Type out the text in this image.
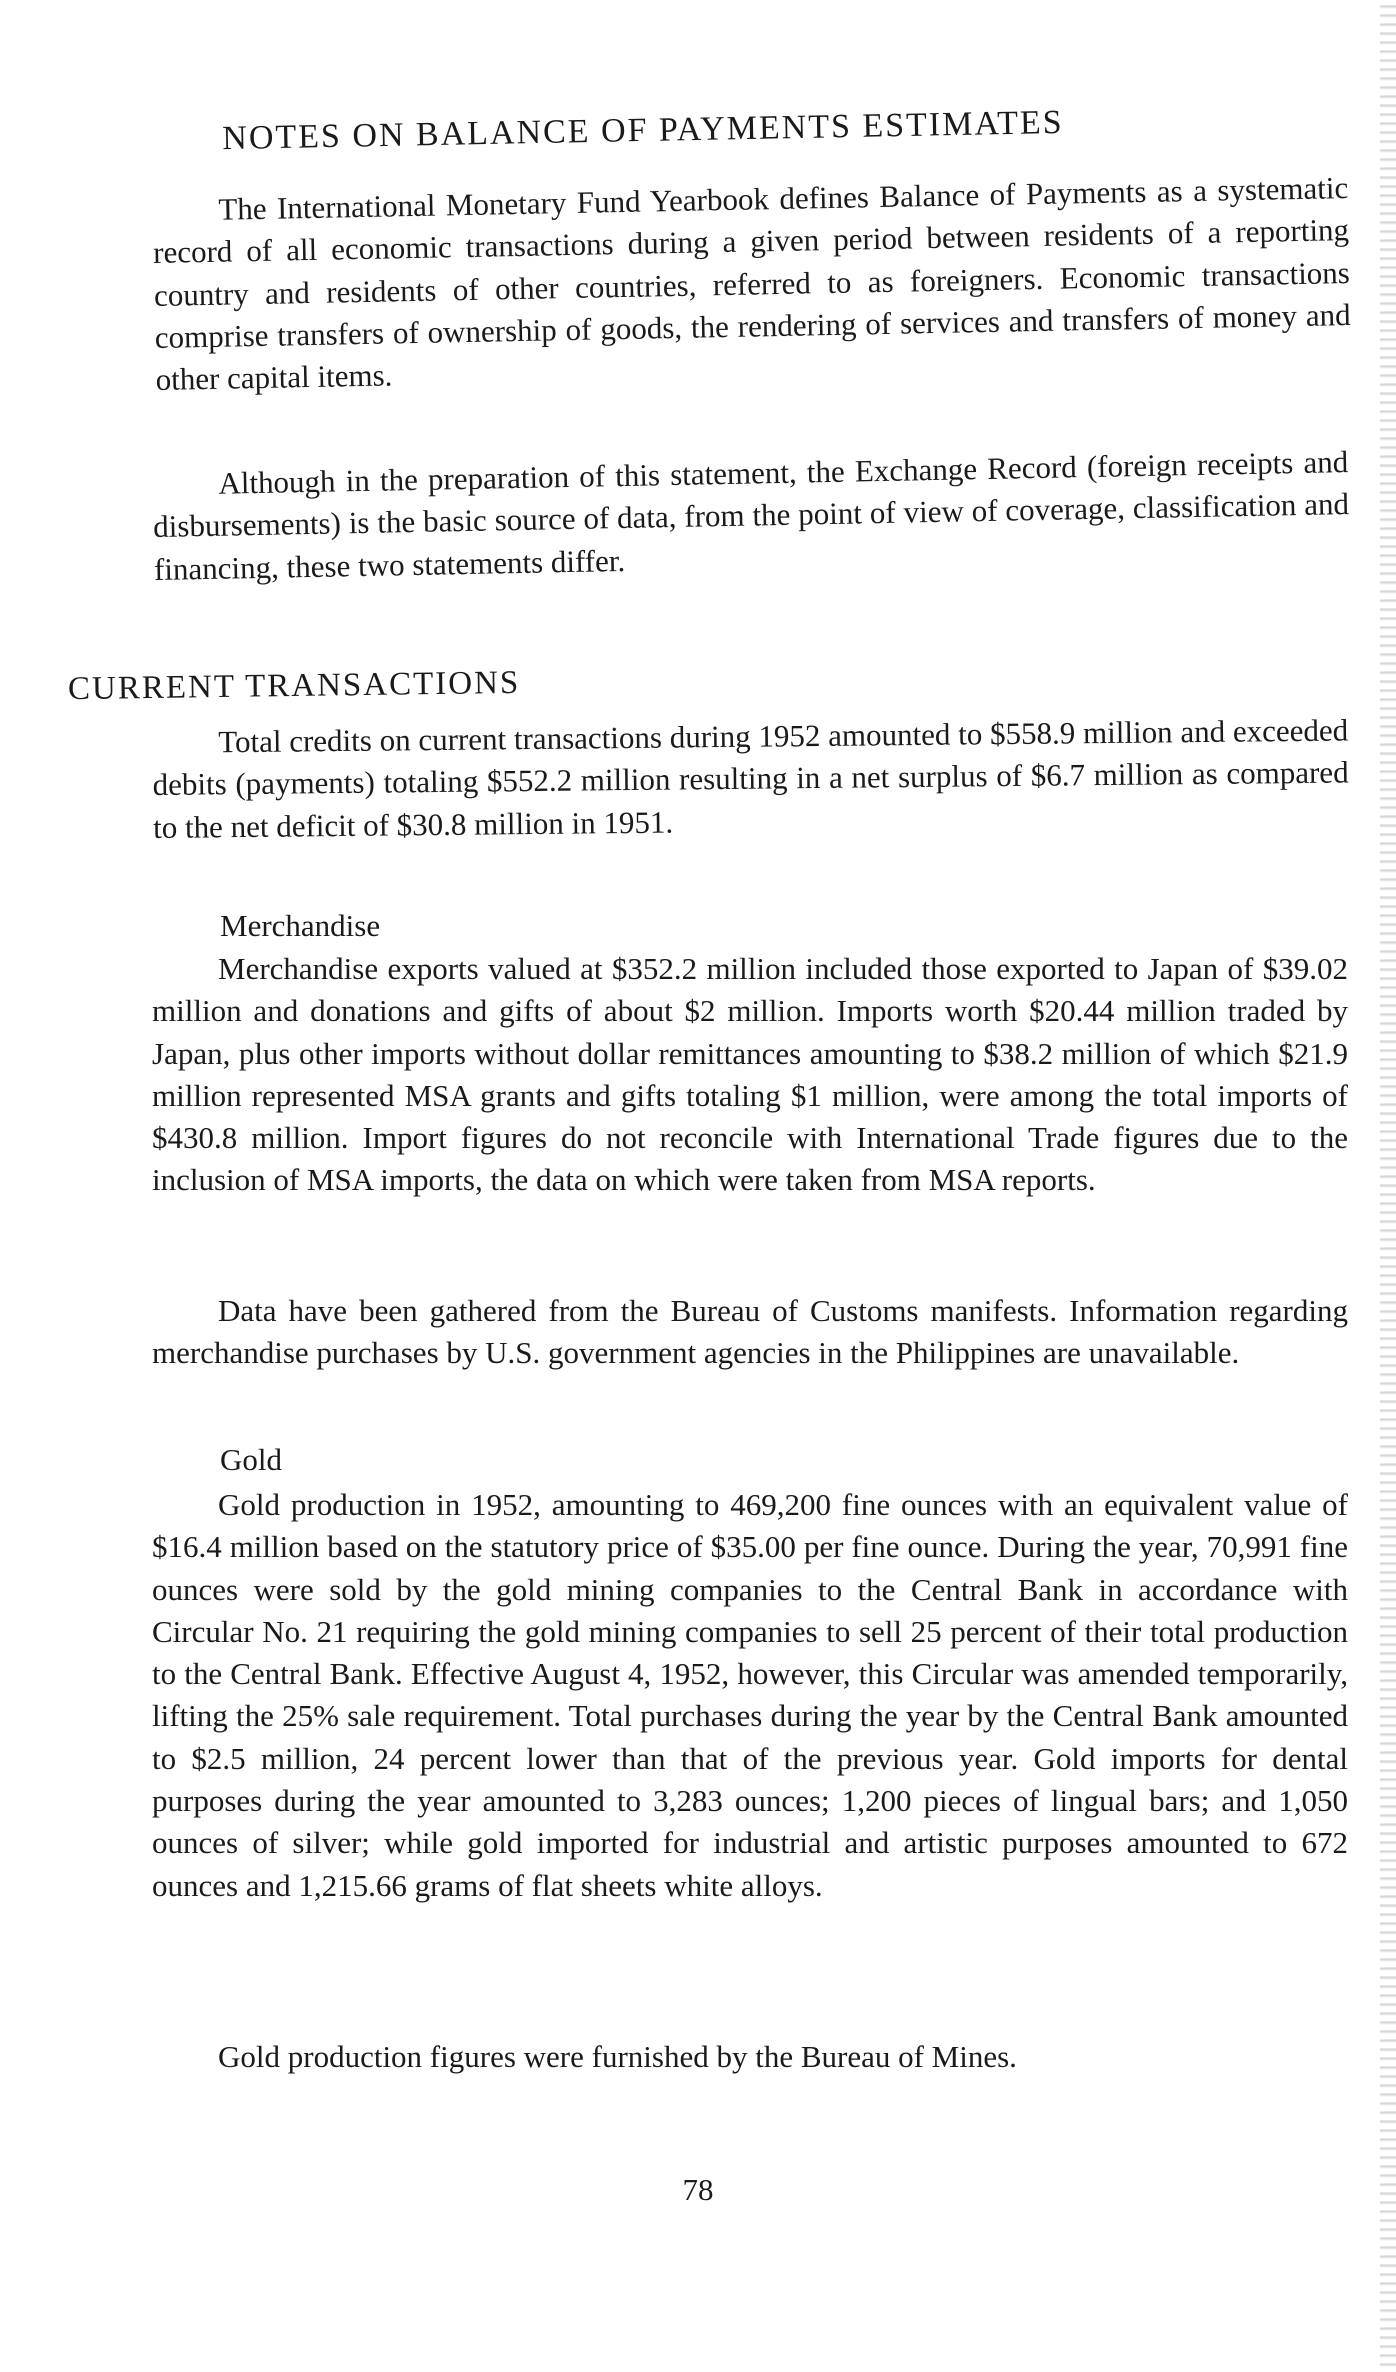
NOTES ON BALANCE OF PAYMENTS ESTIMATES

The International Monetary Fund Yearbook defines Balance of Payments as a systematic record of all economic transactions during a given period between residents of a reporting country and residents of other countries, referred to as foreigners. Economic transactions comprise transfers of ownership of goods, the rendering of services and transfers of money and other capital items.

Although in the preparation of this statement, the Exchange Record (foreign receipts and disbursements) is the basic source of data, from the point of view of coverage, classification and financing, these two statements differ.

CURRENT TRANSACTIONS

Total credits on current transactions during 1952 amounted to $558.9 million and exceeded debits (payments) totaling $552.2 million resulting in a net surplus of $6.7 million as compared to the net deficit of $30.8 million in 1951.

Merchandise

Merchandise exports valued at $352.2 million included those exported to Japan of $39.02 million and donations and gifts of about $2 million. Imports worth $20.44 million traded by Japan, plus other imports without dollar remittances amounting to $38.2 million of which $21.9 million represented MSA grants and gifts totaling $1 million, were among the total imports of $430.8 million. Import figures do not reconcile with International Trade figures due to the inclusion of MSA imports, the data on which were taken from MSA reports.

Data have been gathered from the Bureau of Customs manifests. Information regarding merchandise purchases by U.S. government agencies in the Philippines are unavailable.

Gold

Gold production in 1952, amounting to 469,200 fine ounces with an equivalent value of $16.4 million based on the statutory price of $35.00 per fine ounce. During the year, 70,991 fine ounces were sold by the gold mining companies to the Central Bank in accordance with Circular No. 21 requiring the gold mining companies to sell 25 percent of their total production to the Central Bank. Effective August 4, 1952, however, this Circular was amended temporarily, lifting the 25% sale requirement. Total purchases during the year by the Central Bank amounted to $2.5 million, 24 percent lower than that of the previous year. Gold imports for dental purposes during the year amounted to 3,283 ounces; 1,200 pieces of lingual bars; and 1,050 ounces of silver; while gold imported for industrial and artistic purposes amounted to 672 ounces and 1,215.66 grams of flat sheets white alloys.

Gold production figures were furnished by the Bureau of Mines.

78
